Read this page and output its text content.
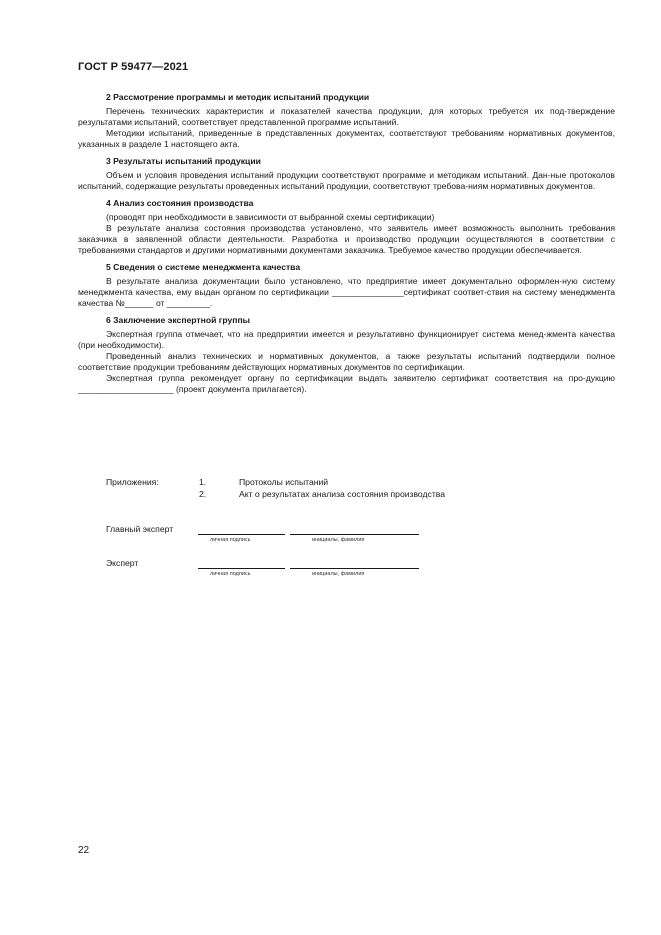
ГОСТ Р 59477—2021
2 Рассмотрение программы и методик испытаний продукции
Перечень технических характеристик и показателей качества продукции, для которых требуется их под-тверждение результатами испытаний, соответствует представленной программе испытаний.
Методики испытаний, приведенные в представленных документах, соответствуют требованиям нормативных документов, указанных в разделе 1 настоящего акта.
3 Результаты испытаний продукции
Объем и условия проведения испытаний продукции соответствуют программе и методикам испытаний. Дан-ные протоколов испытаний, содержащие результаты проведенных испытаний продукции, соответствуют требова-ниям нормативных документов.
4 Анализ состояния производства
(проводят при необходимости в зависимости от выбранной схемы сертификации)
В результате анализа состояния производства установлено, что заявитель имеет возможность выполнить требования заказчика в заявленной области деятельности. Разработка и производство продукции осуществляются в соответствии с требованиями стандартов и другими нормативными документами заказчика. Требуемое качество продукции обеспечивается.
5 Сведения о системе менеджмента качества
В результате анализа документации было установлено, что предприятие имеет документально оформлен-ную систему менеджмента качества, ему выдан органом по сертификации _______________сертификат соответ-ствия на систему менеджмента качества №______ от _________.
6 Заключение экспертной группы
Экспертная группа отмечает, что на предприятии имеется и результативно функционирует система менед-жмента качества (при необходимости).
Проведенный анализ технических и нормативных документов, а также результаты испытаний подтвердили полное соответствие продукции требованиям действующих нормативных документов по сертификации.
Экспертная группа рекомендует органу по сертификации выдать заявителю сертификат соответствия на про-дукцию ____________________ (проект документа прилагается).
Приложения:	1.	Протоколы испытаний
2.	Акт о результатах анализа состояния производства
Главный эксперт
личная подпись	инициалы, фамилия
Эксперт
личная подпись	инициалы, фамилия
22
